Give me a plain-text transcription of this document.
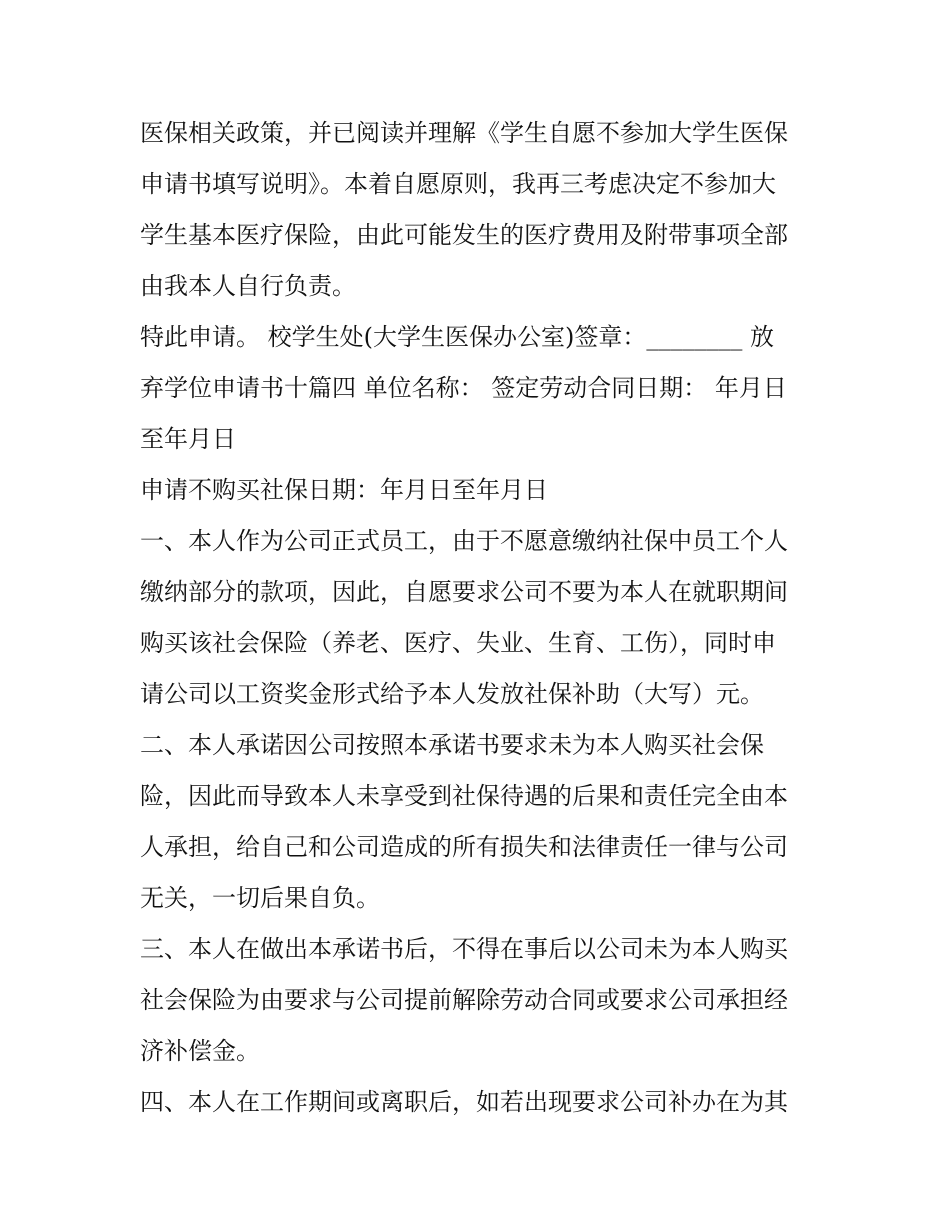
医保相关政策，并已阅读并理解《学生自愿不参加大学生医保
申请书填写说明》。本着自愿原则，我再三考虑决定不参加大
学生基本医疗保险，由此可能发生的医疗费用及附带事项全部
由我本人自行负责。
特此申请。 校学生处(大学生医保办公室)签章：________ 放
弃学位申请书十篇四 单位名称： 签定劳动合同日期： 年月日
至年月日
申请不购买社保日期：年月日至年月日
一、本人作为公司正式员工，由于不愿意缴纳社保中员工个人
缴纳部分的款项，因此，自愿要求公司不要为本人在就职期间
购买该社会保险（养老、医疗、失业、生育、工伤），同时申
请公司以工资奖金形式给予本人发放社保补助（大写）元。
二、本人承诺因公司按照本承诺书要求未为本人购买社会保
险，因此而导致本人未享受到社保待遇的后果和责任完全由本
人承担，给自己和公司造成的所有损失和法律责任一律与公司
无关，一切后果自负。
三、本人在做出本承诺书后，不得在事后以公司未为本人购买
社会保险为由要求与公司提前解除劳动合同或要求公司承担经
济补偿金。
四、本人在工作期间或离职后，如若出现要求公司补办在为其
